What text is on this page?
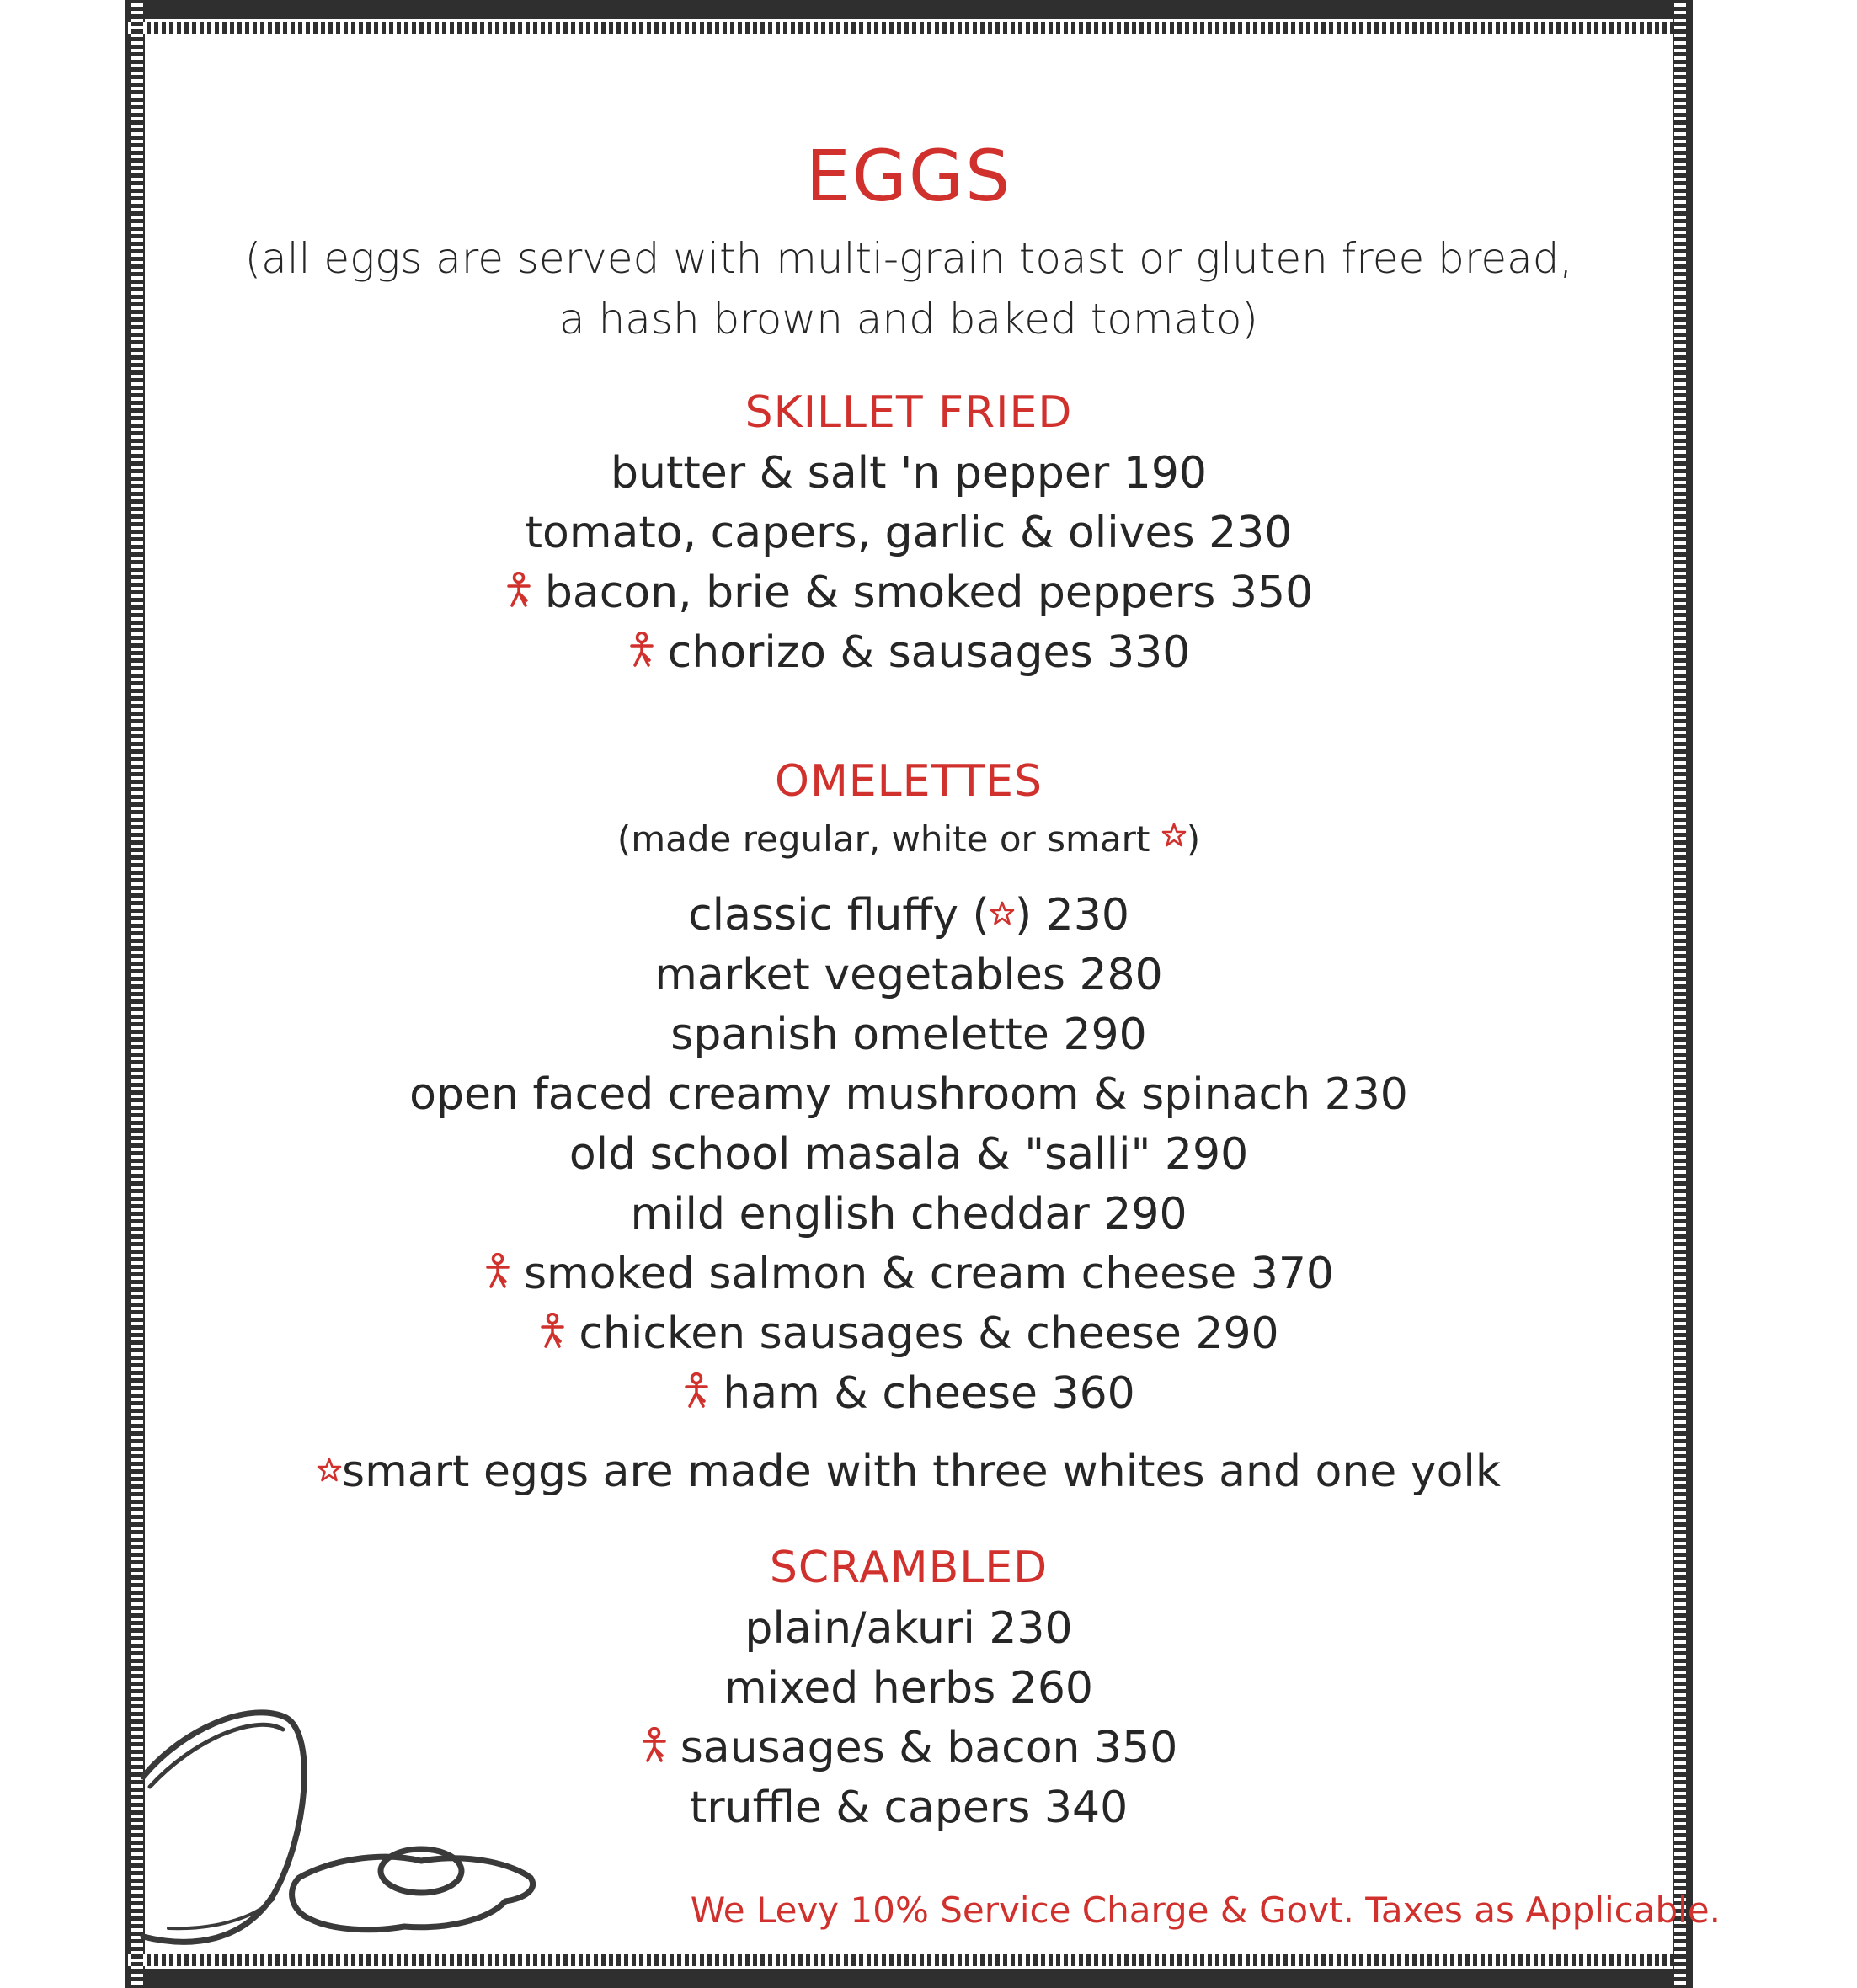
EGGS
(all eggs are served with multi-grain toast or gluten free bread,
a hash brown and baked tomato)
SKILLET FRIED
butter & salt 'n pepper 190
tomato, capers, garlic & olives 230
bacon, brie & smoked peppers 350
chorizo & sausages 330
OMELETTES
(made regular, white or smart )
classic fluffy ( ) 230
market vegetables 280
spanish omelette 290
open faced creamy mushroom & spinach 230
old school masala & "salli" 290
mild english cheddar 290
smoked salmon & cream cheese 370
chicken sausages & cheese 290
ham & cheese 360
smart eggs are made with three whites and one yolk
SCRAMBLED
plain/akuri 230
mixed herbs 260
sausages & bacon 350
truffle & capers 340
We Levy 10% Service Charge & Govt. Taxes as Applicable.
